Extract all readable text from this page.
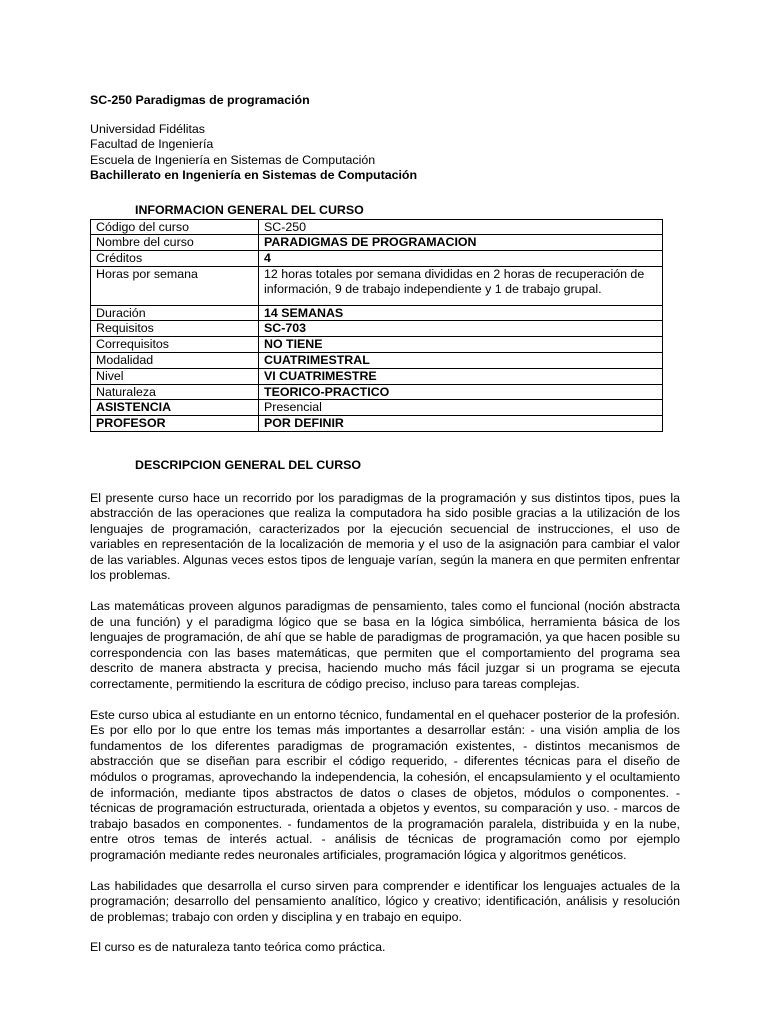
SC-250 Paradigmas de programación
Universidad Fidélitas
Facultad de Ingeniería
Escuela de Ingeniería en Sistemas de Computación
Bachillerato en Ingeniería en Sistemas de Computación
INFORMACION GENERAL DEL CURSO
Código del curso	SC-250
Nombre del curso	PARADIGMAS DE PROGRAMACION
Créditos	4
Horas por semana	12 horas totales por semana divididas en 2 horas de recuperación de información, 9 de trabajo independiente y 1 de trabajo grupal.
Duración	14 SEMANAS
Requisitos	SC-703
Correquisitos	NO TIENE
Modalidad	CUATRIMESTRAL
Nivel	VI CUATRIMESTRE
Naturaleza	TEORICO-PRACTICO
ASISTENCIA	Presencial
PROFESOR	POR DEFINIR
DESCRIPCION GENERAL DEL CURSO

El presente curso hace un recorrido por los paradigmas de la programación y sus distintos tipos, pues la abstracción de las operaciones que realiza la computadora ha sido posible gracias a la utilización de los lenguajes de programación, caracterizados por la ejecución secuencial de instrucciones, el uso de variables en representación de la localización de memoria y el uso de la asignación para cambiar el valor de las variables. Algunas veces estos tipos de lenguaje varían, según la manera en que permiten enfrentar los problemas.

Las matemáticas proveen algunos paradigmas de pensamiento, tales como el funcional (noción abstracta de una función) y el paradigma lógico que se basa en la lógica simbólica, herramienta básica de los lenguajes de programación, de ahí que se hable de paradigmas de programación, ya que hacen posible su correspondencia con las bases matemáticas, que permiten que el comportamiento del programa sea descrito de manera abstracta y precisa, haciendo mucho más fácil juzgar si un programa se ejecuta correctamente, permitiendo la escritura de código preciso, incluso para tareas complejas.

Este curso ubica al estudiante en un entorno técnico, fundamental en el quehacer posterior de la profesión. Es por ello por lo que entre los temas más importantes a desarrollar están: - una visión amplia de los fundamentos de los diferentes paradigmas de programación existentes, - distintos mecanismos de abstracción que se diseñan para escribir el código requerido, - diferentes técnicas para el diseño de módulos o programas, aprovechando la independencia, la cohesión, el encapsulamiento y el ocultamiento de información, mediante tipos abstractos de datos o clases de objetos, módulos o componentes. - técnicas de programación estructurada, orientada a objetos y eventos, su comparación y uso. - marcos de trabajo basados en componentes. - fundamentos de la programación paralela, distribuida y en la nube, entre otros temas de interés actual. - análisis de técnicas de programación como por ejemplo programación mediante redes neuronales artificiales, programación lógica y algoritmos genéticos.

Las habilidades que desarrolla el curso sirven para comprender e identificar los lenguajes actuales de la programación; desarrollo del pensamiento analítico, lógico y creativo; identificación, análisis y resolución de problemas; trabajo con orden y disciplina y en trabajo en equipo.

El curso es de naturaleza tanto teórica como práctica.
